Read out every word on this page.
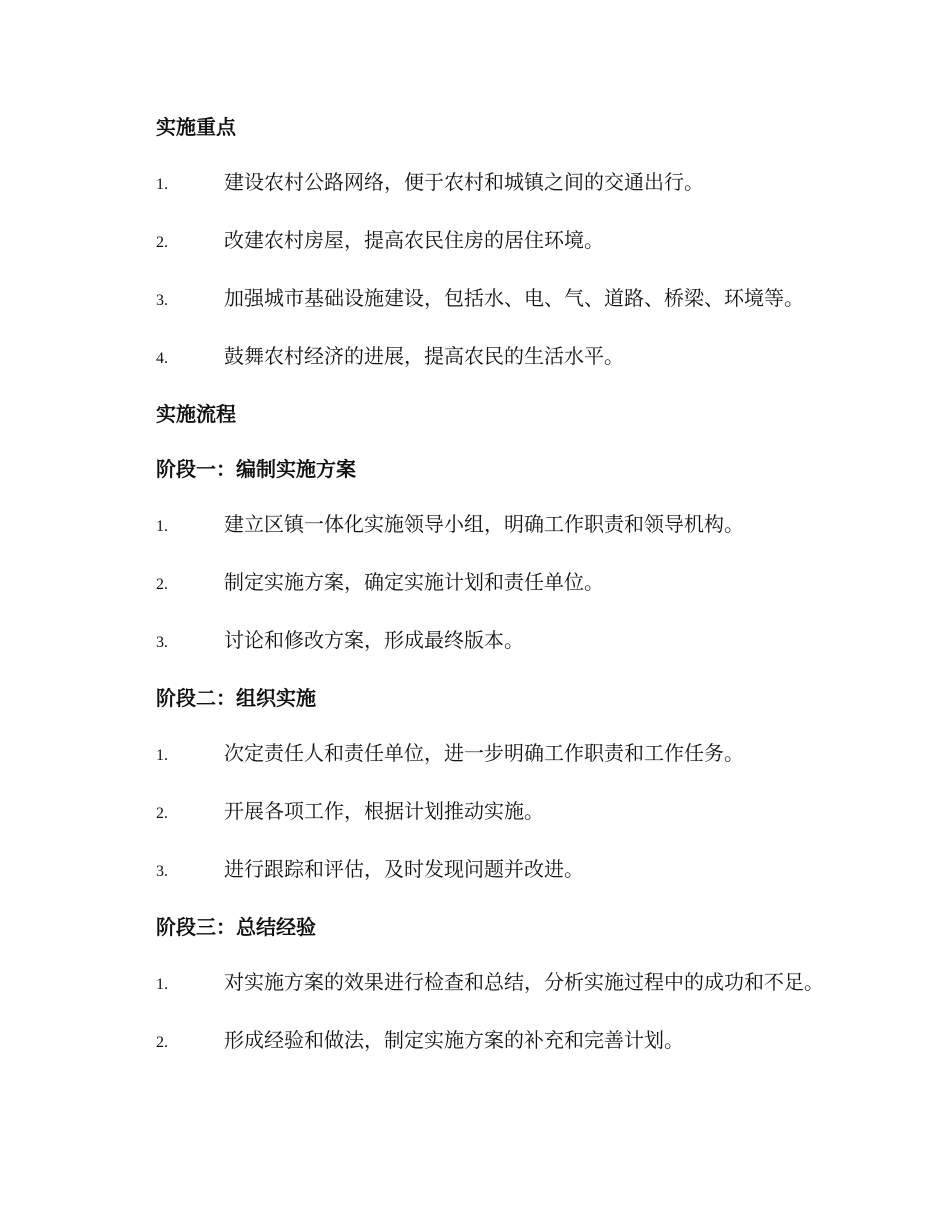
实施重点
1.	建设农村公路网络，便于农村和城镇之间的交通出行。
2.	改建农村房屋，提高农民住房的居住环境。
3.	加强城市基础设施建设，包括水、电、气、道路、桥梁、环境等。
4.	鼓舞农村经济的进展，提高农民的生活水平。
实施流程
阶段一：编制实施方案
1.	建立区镇一体化实施领导小组，明确工作职责和领导机构。
2.	制定实施方案，确定实施计划和责任单位。
3.	讨论和修改方案，形成最终版本。
阶段二：组织实施
1.	次定责任人和责任单位，进一步明确工作职责和工作任务。
2.	开展各项工作，根据计划推动实施。
3.	进行跟踪和评估，及时发现问题并改进。
阶段三：总结经验
1.	对实施方案的效果进行检查和总结，分析实施过程中的成功和不足。
2.	形成经验和做法，制定实施方案的补充和完善计划。
